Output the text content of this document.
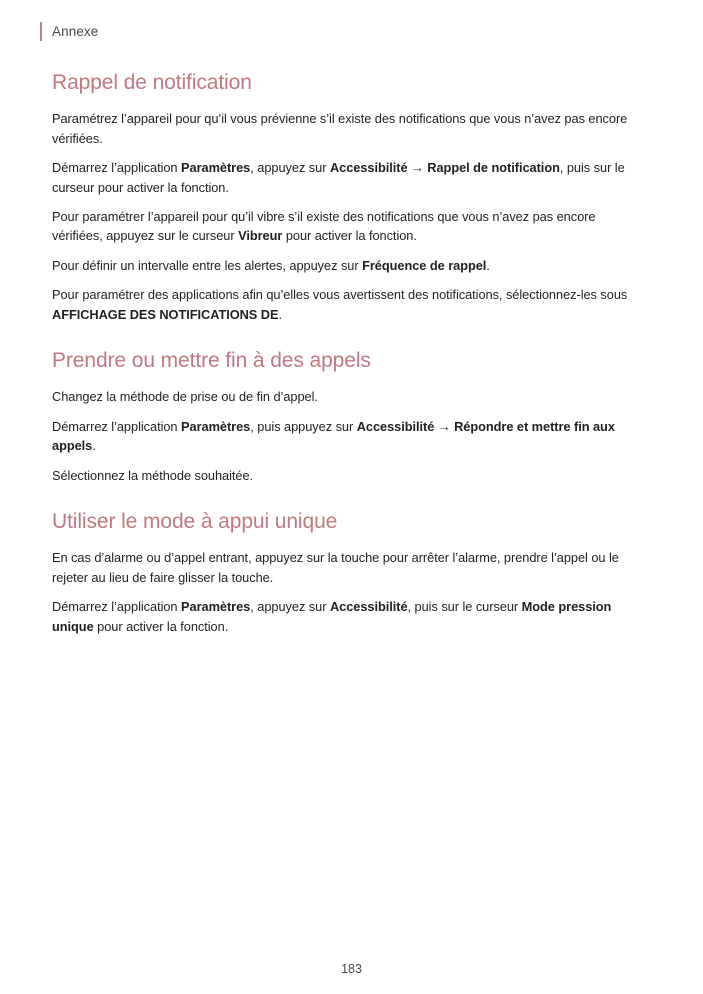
Annexe
Rappel de notification

Paramétrez l’appareil pour qu’il vous prévienne s’il existe des notifications que vous n’avez pas encore vérifiées.

Démarrez l’application Paramètres, appuyez sur Accessibilité → Rappel de notification, puis sur le curseur pour activer la fonction.

Pour paramétrer l’appareil pour qu’il vibre s’il existe des notifications que vous n’avez pas encore vérifiées, appuyez sur le curseur Vibreur pour activer la fonction.

Pour définir un intervalle entre les alertes, appuyez sur Fréquence de rappel.

Pour paramétrer des applications afin qu’elles vous avertissent des notifications, sélectionnez-les sous AFFICHAGE DES NOTIFICATIONS DE.

Prendre ou mettre fin à des appels

Changez la méthode de prise ou de fin d’appel.

Démarrez l’application Paramètres, puis appuyez sur Accessibilité → Répondre et mettre fin aux appels.

Sélectionnez la méthode souhaitée.

Utiliser le mode à appui unique

En cas d’alarme ou d’appel entrant, appuyez sur la touche pour arrêter l’alarme, prendre l’appel ou le rejeter au lieu de faire glisser la touche.

Démarrez l’application Paramètres, appuyez sur Accessibilité, puis sur le curseur Mode pression unique pour activer la fonction.

183
